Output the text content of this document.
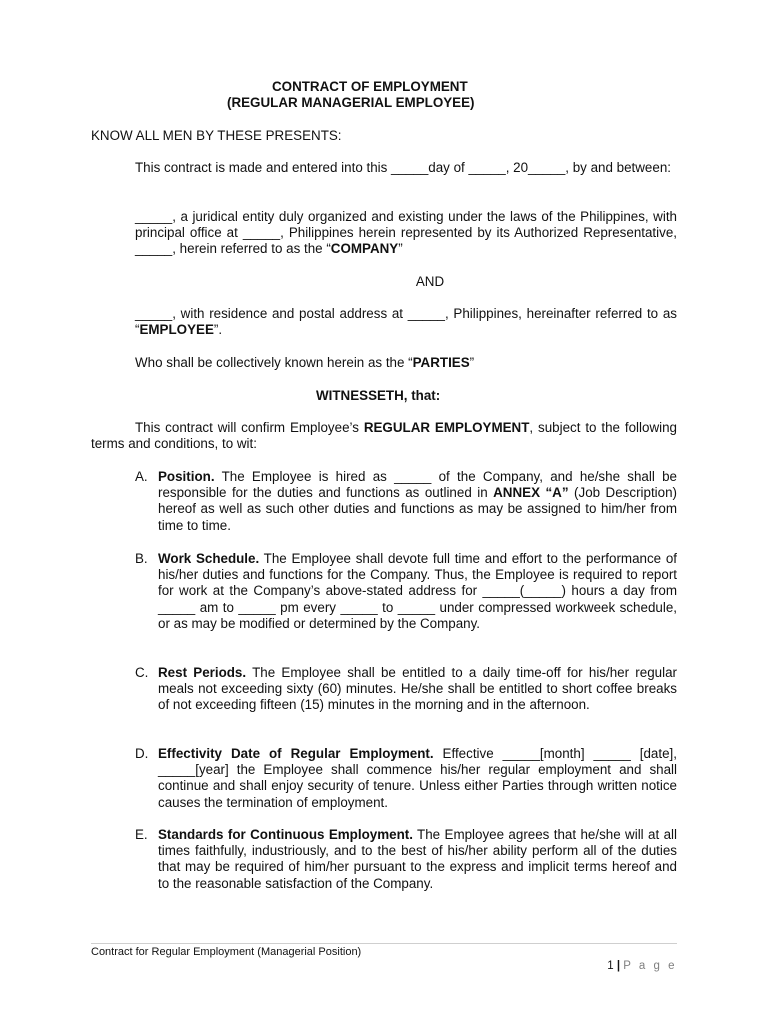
CONTRACT OF EMPLOYMENT
(REGULAR MANAGERIAL EMPLOYEE)
KNOW ALL MEN BY THESE PRESENTS:
This contract is made and entered into this _____day of _____, 20_____, by and between:
_____, a juridical entity duly organized and existing under the laws of the Philippines, with principal office at _____, Philippines herein represented by its Authorized Representative, _____, herein referred to as the “COMPANY”
AND
_____, with residence and postal address at _____, Philippines, hereinafter referred to as “EMPLOYEE”.
Who shall be collectively known herein as the “PARTIES”
WITNESSETH, that:
This contract will confirm Employee’s REGULAR EMPLOYMENT, subject to the following terms and conditions, to wit:
A. Position. The Employee is hired as _____ of the Company, and he/she shall be responsible for the duties and functions as outlined in ANNEX “A” (Job Description) hereof as well as such other duties and functions as may be assigned to him/her from time to time.
B. Work Schedule. The Employee shall devote full time and effort to the performance of his/her duties and functions for the Company. Thus, the Employee is required to report for work at the Company’s above-stated address for _____(_____) hours a day from _____ am to _____ pm every _____ to _____ under compressed workweek schedule, or as may be modified or determined by the Company.
C. Rest Periods. The Employee shall be entitled to a daily time-off for his/her regular meals not exceeding sixty (60) minutes. He/she shall be entitled to short coffee breaks of not exceeding fifteen (15) minutes in the morning and in the afternoon.
D. Effectivity Date of Regular Employment. Effective _____[month] _____ [date], _____[year] the Employee shall commence his/her regular employment and shall continue and shall enjoy security of tenure. Unless either Parties through written notice causes the termination of employment.
E. Standards for Continuous Employment. The Employee agrees that he/she will at all times faithfully, industriously, and to the best of his/her ability perform all of the duties that may be required of him/her pursuant to the express and implicit terms hereof and to the reasonable satisfaction of the Company.
Contract for Regular Employment (Managerial Position)
1 | P a g e
